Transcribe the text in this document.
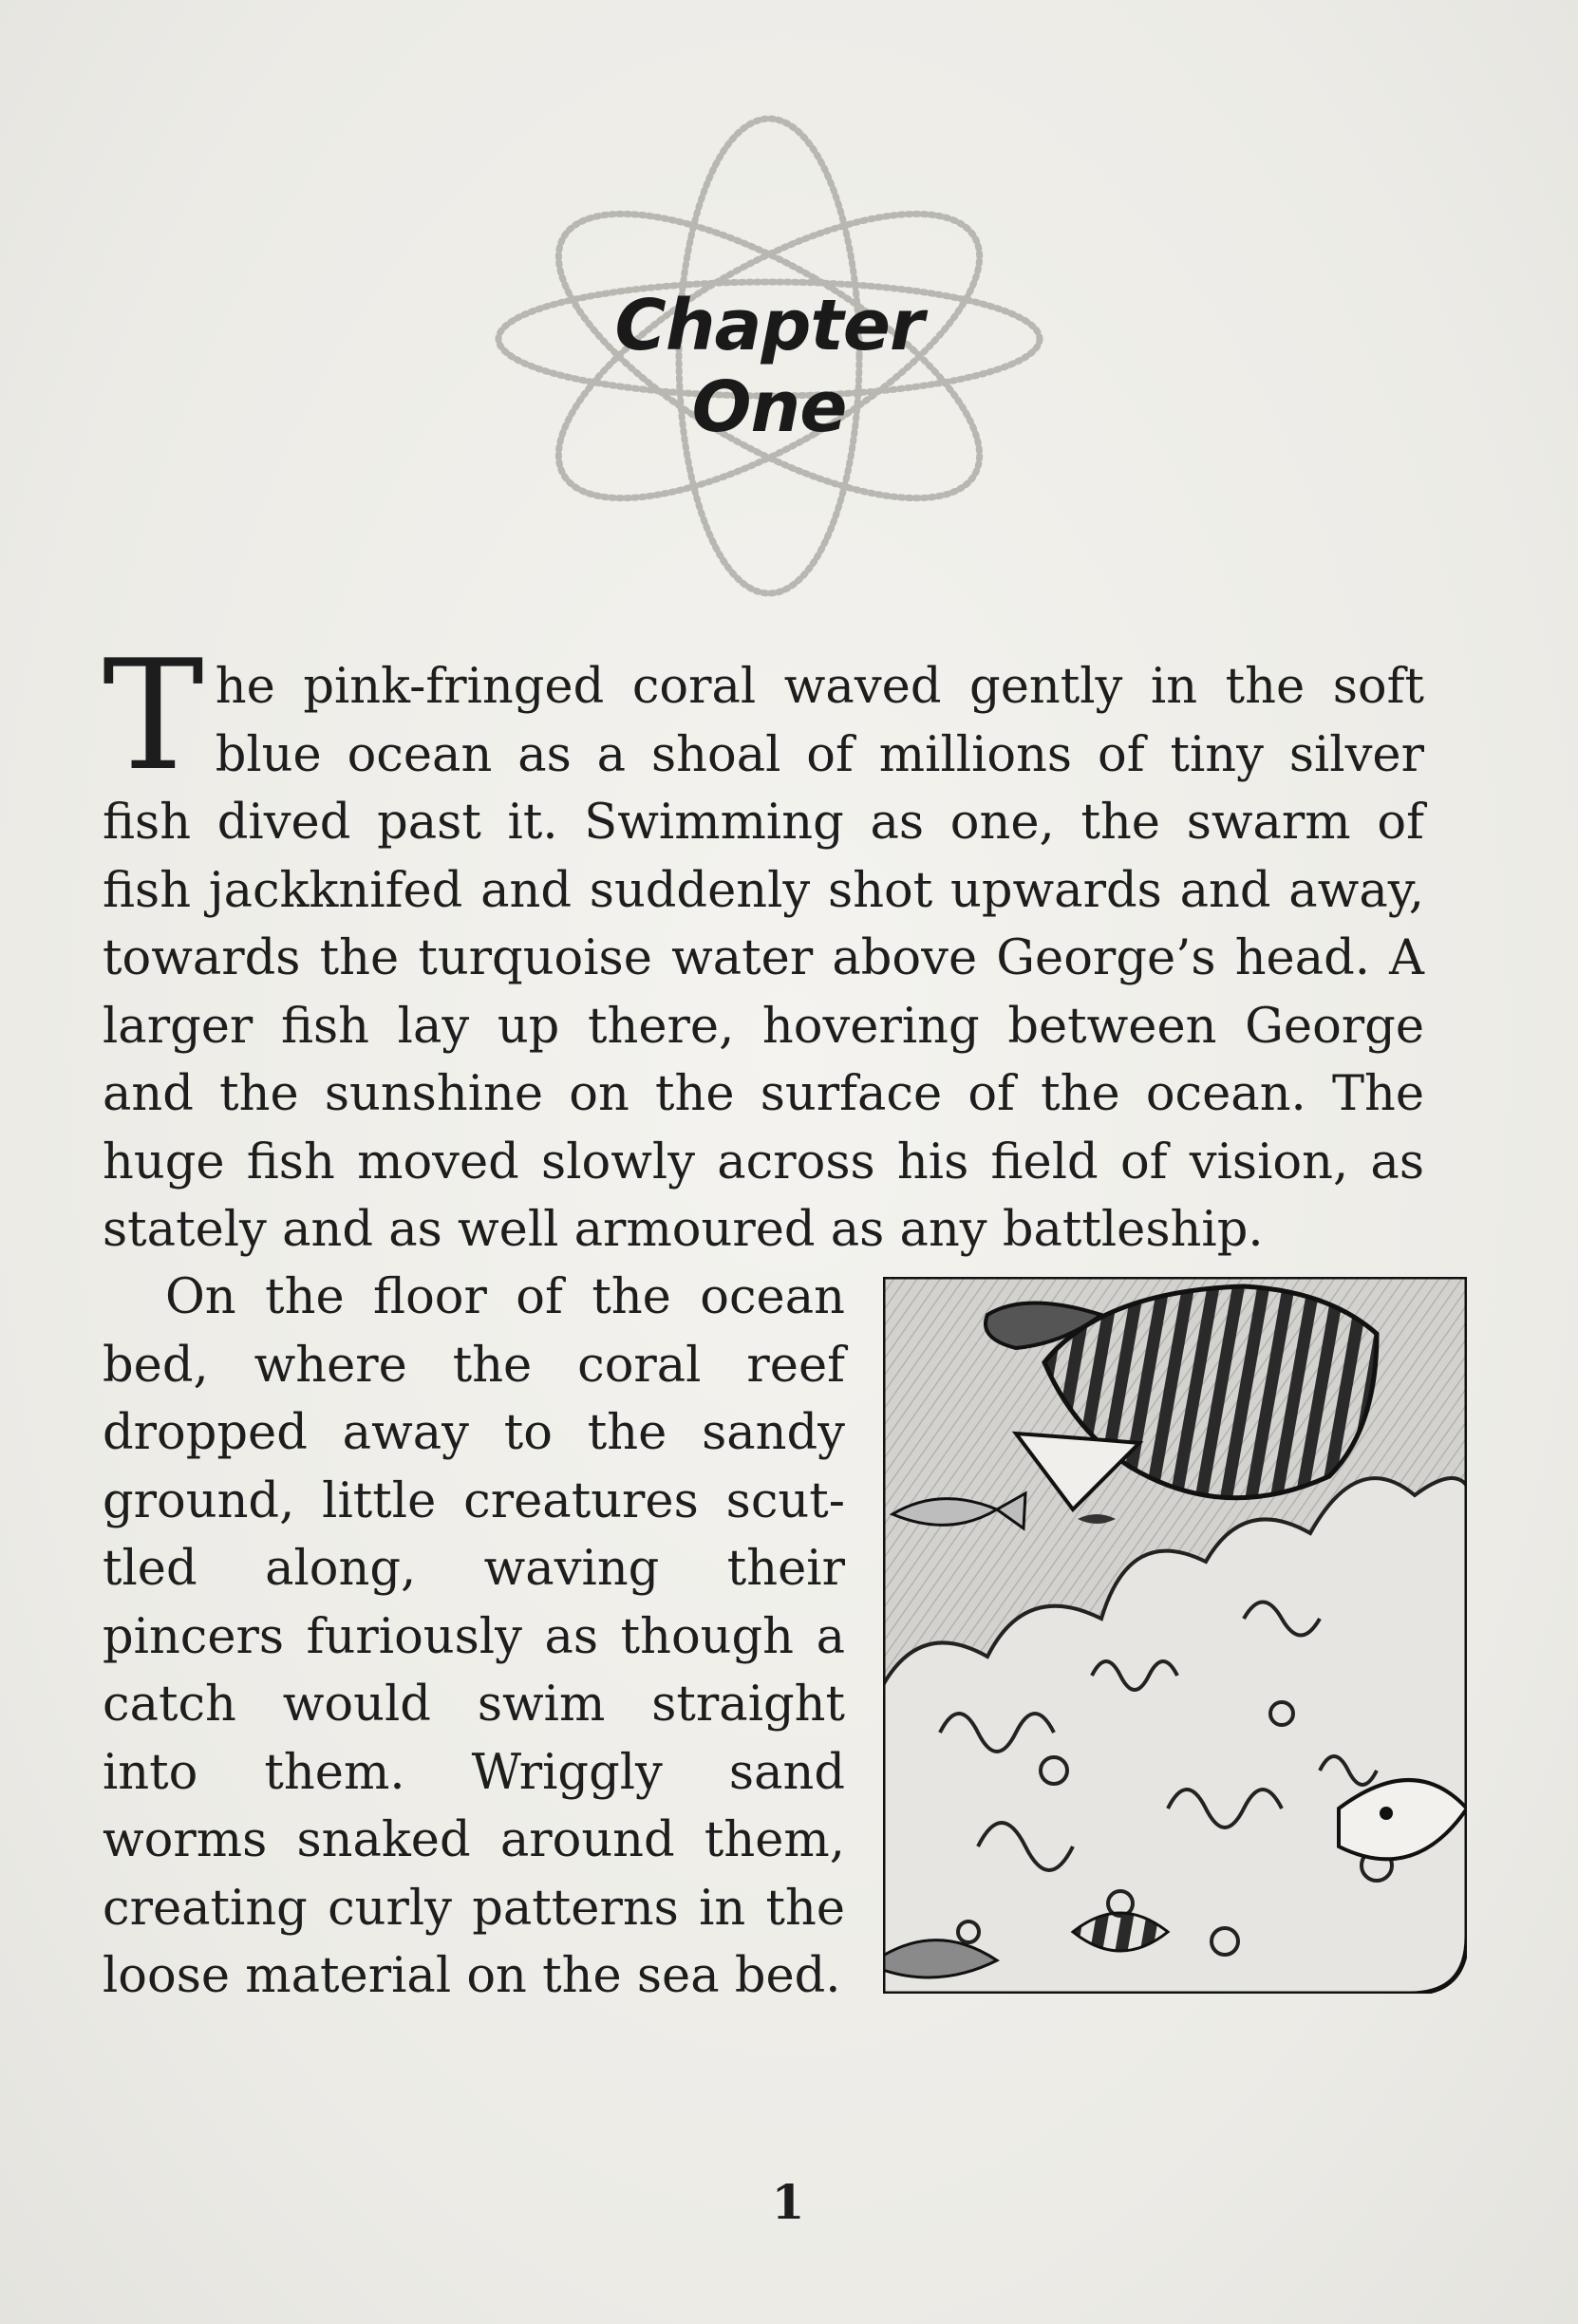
Chapter One

The pink-fringed coral waved gently in the soft blue ocean as a shoal of millions of tiny silver fish dived past it. Swimming as one, the swarm of fish jackknifed and suddenly shot upwards and away, towards the turquoise water above George’s head. A larger fish lay up there, hovering between George and the sunshine on the surface of the ocean. The huge fish moved slowly across his field of vision, as stately and as well armoured as any battleship.

On the floor of the ocean bed, where the coral reef dropped away to the sandy ground, little creatures scuttled along, waving their pincers furiously as though a catch would swim straight into them. Wriggly sand worms snaked around them, creating curly patterns in the loose material on the sea bed.

1
